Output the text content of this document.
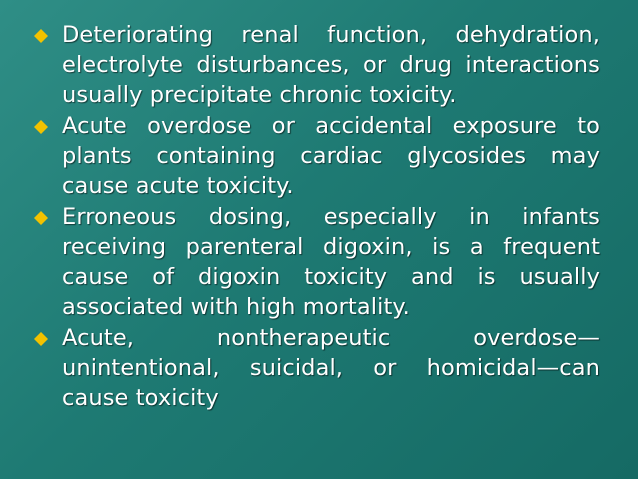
Deteriorating renal function, dehydration, electrolyte disturbances, or drug interactions usually precipitate chronic toxicity.
Acute overdose or accidental exposure to plants containing cardiac glycosides may cause acute toxicity.
Erroneous dosing, especially in infants receiving parenteral digoxin, is a frequent cause of digoxin toxicity and is usually associated with high mortality.
Acute, nontherapeutic overdose—unintentional, suicidal, or homicidal—can cause toxicity
